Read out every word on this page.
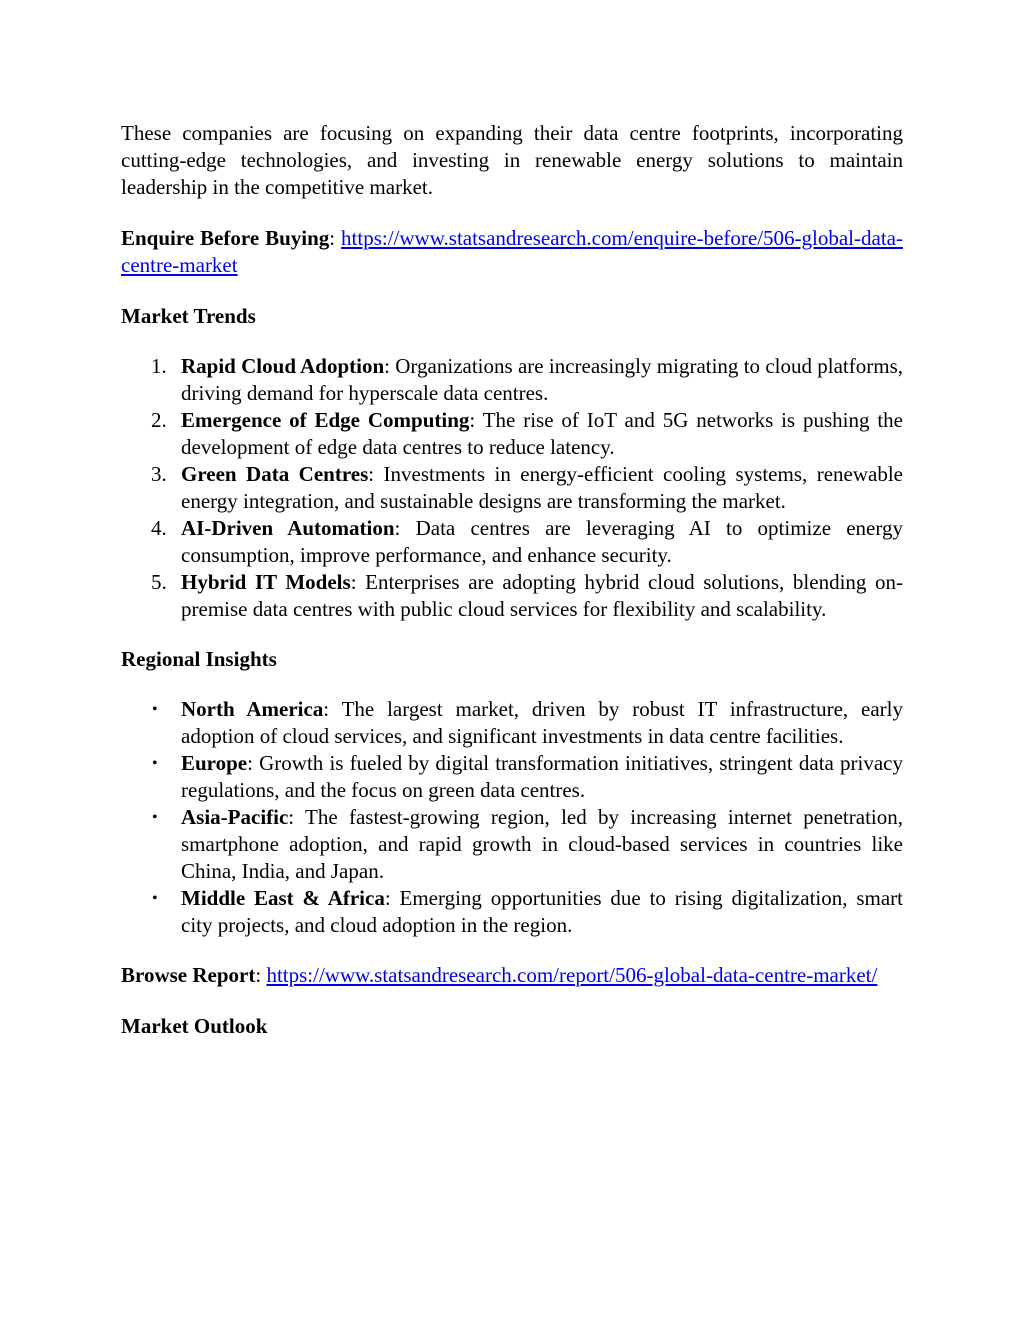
These companies are focusing on expanding their data centre footprints, incorporating cutting-edge technologies, and investing in renewable energy solutions to maintain leadership in the competitive market.

Enquire Before Buying: https://www.statsandresearch.com/enquire-before/506-global-data-centre-market

Market Trends

1. Rapid Cloud Adoption: Organizations are increasingly migrating to cloud platforms, driving demand for hyperscale data centres.
2. Emergence of Edge Computing: The rise of IoT and 5G networks is pushing the development of edge data centres to reduce latency.
3. Green Data Centres: Investments in energy-efficient cooling systems, renewable energy integration, and sustainable designs are transforming the market.
4. AI-Driven Automation: Data centres are leveraging AI to optimize energy consumption, improve performance, and enhance security.
5. Hybrid IT Models: Enterprises are adopting hybrid cloud solutions, blending on-premise data centres with public cloud services for flexibility and scalability.

Regional Insights

• North America: The largest market, driven by robust IT infrastructure, early adoption of cloud services, and significant investments in data centre facilities.
• Europe: Growth is fueled by digital transformation initiatives, stringent data privacy regulations, and the focus on green data centres.
• Asia-Pacific: The fastest-growing region, led by increasing internet penetration, smartphone adoption, and rapid growth in cloud-based services in countries like China, India, and Japan.
• Middle East & Africa: Emerging opportunities due to rising digitalization, smart city projects, and cloud adoption in the region.

Browse Report: https://www.statsandresearch.com/report/506-global-data-centre-market/

Market Outlook
